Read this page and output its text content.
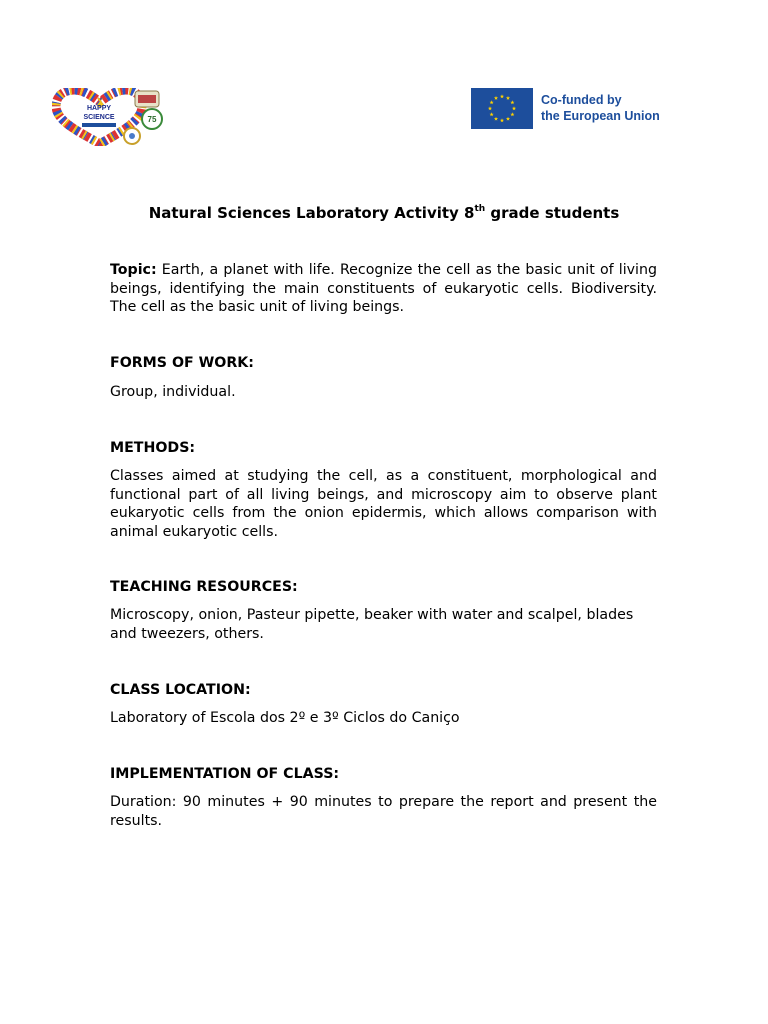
HAPPY
SCIENCE	75
Co-funded by
the European Union
Natural Sciences Laboratory Activity 8th grade students

Topic: Earth, a planet with life. Recognize the cell as the basic unit of living beings, identifying the main constituents of eukaryotic cells. Biodiversity. The cell as the basic unit of living beings.

FORMS OF WORK:

Group, individual.

METHODS:

Classes aimed at studying the cell, as a constituent, morphological and functional part of all living beings, and microscopy aim to observe plant eukaryotic cells from the onion epidermis, which allows comparison with animal eukaryotic cells.

TEACHING RESOURCES:

Microscopy, onion, Pasteur pipette, beaker with water and scalpel, blades and tweezers, others.

CLASS LOCATION:

Laboratory of Escola dos 2º e 3º Ciclos do Caniço

IMPLEMENTATION OF CLASS:

Duration: 90 minutes + 90 minutes to prepare the report and present the results.
